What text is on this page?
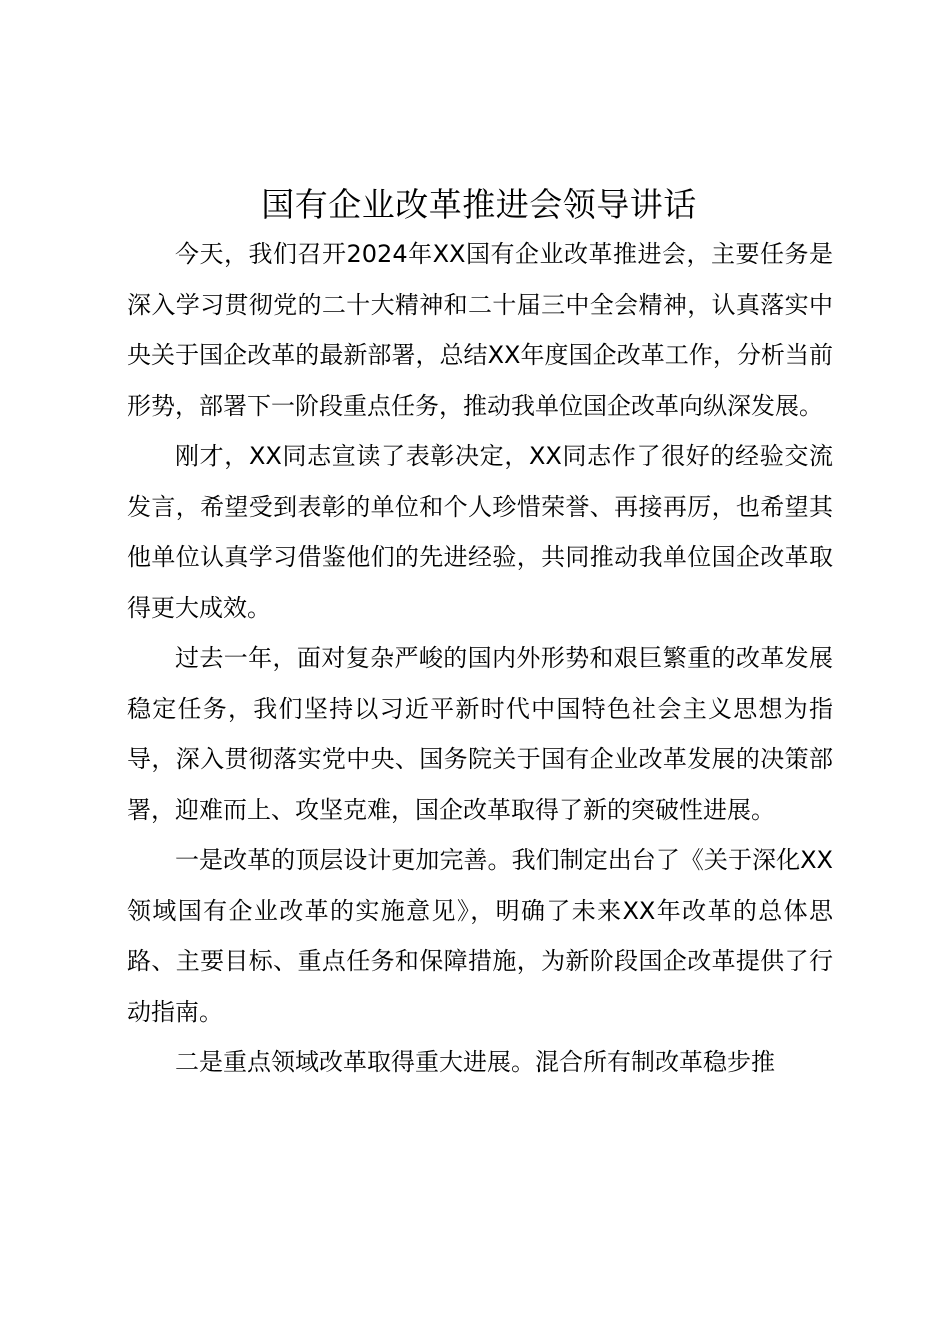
国有企业改革推进会领导讲话

今天，我们召开2024年XX国有企业改革推进会，主要任务是深入学习贯彻党的二十大精神和二十届三中全会精神，认真落实中央关于国企改革的最新部署，总结XX年度国企改革工作，分析当前形势，部署下一阶段重点任务，推动我单位国企改革向纵深发展。

刚才，XX同志宣读了表彰决定，XX同志作了很好的经验交流发言，希望受到表彰的单位和个人珍惜荣誉、再接再厉，也希望其他单位认真学习借鉴他们的先进经验，共同推动我单位国企改革取得更大成效。

过去一年，面对复杂严峻的国内外形势和艰巨繁重的改革发展稳定任务，我们坚持以习近平新时代中国特色社会主义思想为指导，深入贯彻落实党中央、国务院关于国有企业改革发展的决策部署，迎难而上、攻坚克难，国企改革取得了新的突破性进展。

一是改革的顶层设计更加完善。我们制定出台了《关于深化XX领域国有企业改革的实施意见》，明确了未来XX年改革的总体思路、主要目标、重点任务和保障措施，为新阶段国企改革提供了行动指南。

二是重点领域改革取得重大进展。混合所有制改革稳步推
